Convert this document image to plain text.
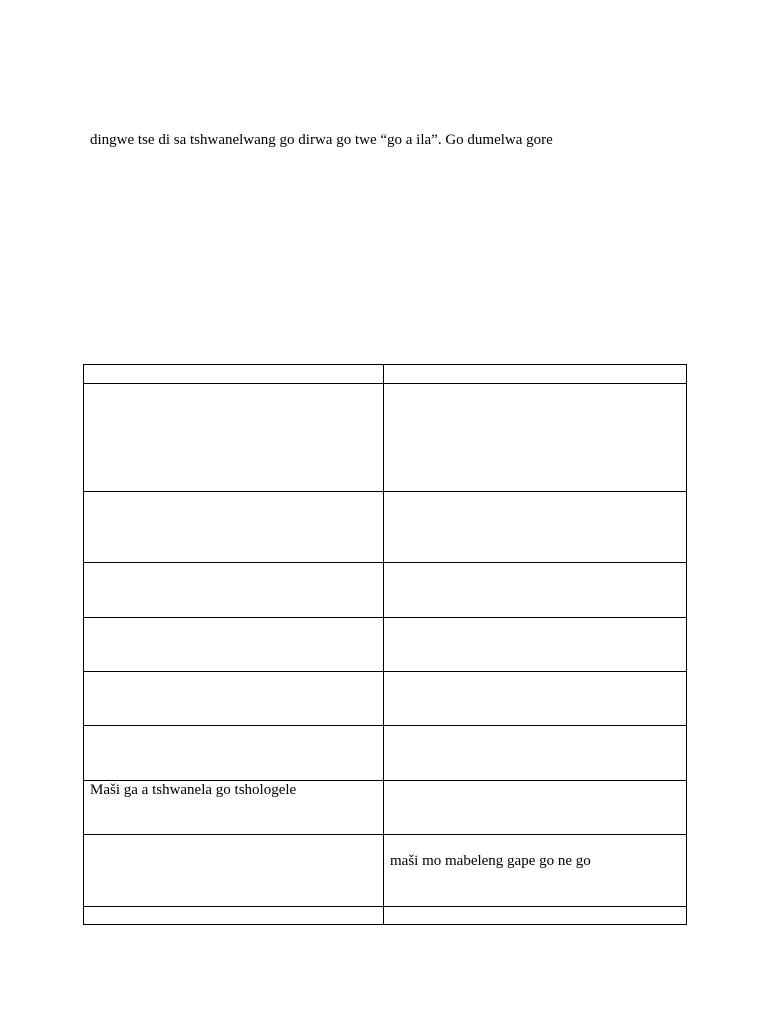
dingwe tse di sa tshwanelwang go dirwa go twe “go a ila”. Go dumelwa gore

Maši ga a tshwanela go tshologele	

	maši mo mabeleng gape go ne go
